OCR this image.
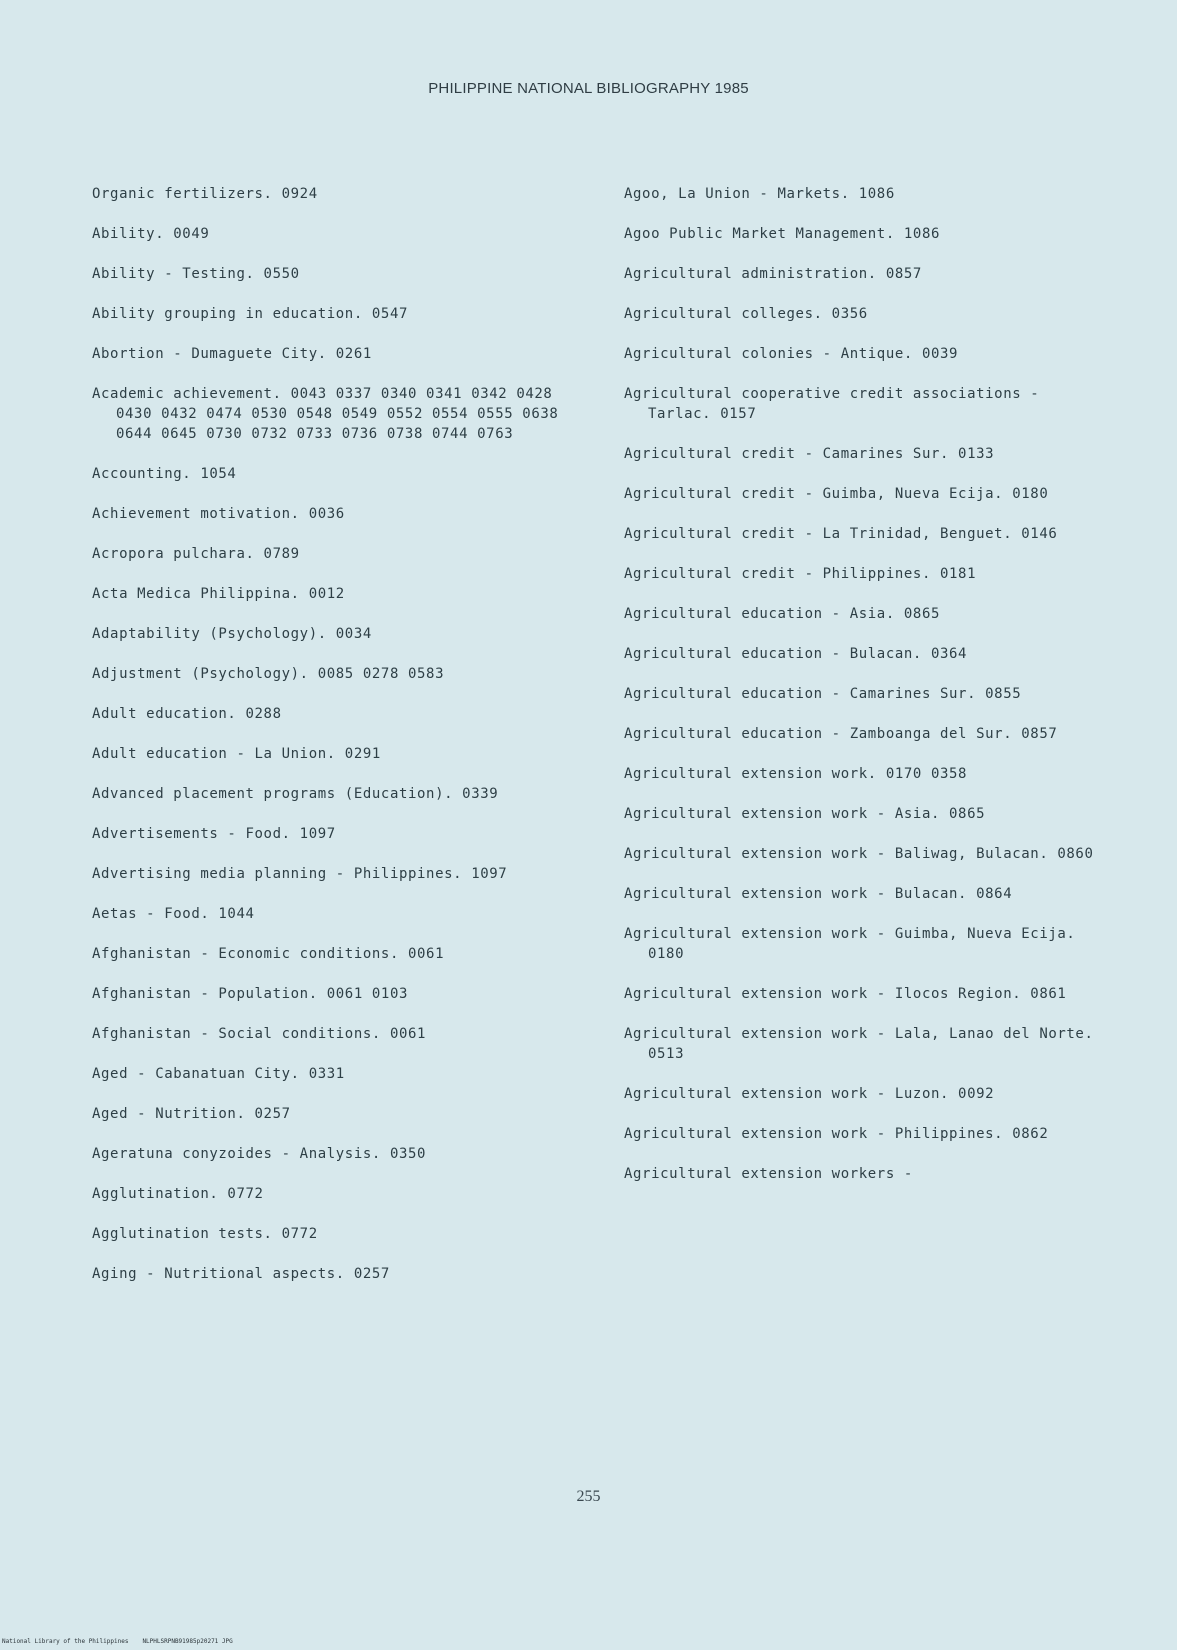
PHILIPPINE NATIONAL BIBLIOGRAPHY 1985
Organic fertilizers. 0924
Ability. 0049
Ability - Testing. 0550
Ability grouping in education. 0547
Abortion - Dumaguete City. 0261
Academic achievement. 0043 0337 0340 0341 0342 0428 0430 0432 0474 0530 0548 0549 0552 0554 0555 0638 0644 0645 0730 0732 0733 0736 0738 0744 0763
Accounting. 1054
Achievement motivation. 0036
Acropora pulchara. 0789
Acta Medica Philippina. 0012
Adaptability (Psychology). 0034
Adjustment (Psychology). 0085 0278 0583
Adult education. 0288
Adult education - La Union. 0291
Advanced placement programs (Education). 0339
Advertisements - Food. 1097
Advertising media planning - Philippines. 1097
Aetas - Food. 1044
Afghanistan - Economic conditions. 0061
Afghanistan - Population. 0061 0103
Afghanistan - Social conditions. 0061
Aged - Cabanatuan City. 0331
Aged - Nutrition. 0257
Ageratuna conyzoides - Analysis. 0350
Agglutination. 0772
Agglutination tests. 0772
Aging - Nutritional aspects. 0257
Agoo, La Union - Markets. 1086
Agoo Public Market Management. 1086
Agricultural administration. 0857
Agricultural colleges. 0356
Agricultural colonies - Antique. 0039
Agricultural cooperative credit associations - Tarlac. 0157
Agricultural credit - Camarines Sur. 0133
Agricultural credit - Guimba, Nueva Ecija. 0180
Agricultural credit - La Trinidad, Benguet. 0146
Agricultural credit - Philippines. 0181
Agricultural education - Asia. 0865
Agricultural education - Bulacan. 0364
Agricultural education - Camarines Sur. 0855
Agricultural education - Zamboanga del Sur. 0857
Agricultural extension work. 0170 0358
Agricultural extension work - Asia. 0865
Agricultural extension work - Baliwag, Bulacan. 0860
Agricultural extension work - Bulacan. 0864
Agricultural extension work - Guimba, Nueva Ecija. 0180
Agricultural extension work - Ilocos Region. 0861
Agricultural extension work - Lala, Lanao del Norte. 0513
Agricultural extension work - Luzon. 0092
Agricultural extension work - Philippines. 0862
Agricultural extension workers -
255
National Library of the Philippines NLPHLSRPNB91985p20271 JPG
